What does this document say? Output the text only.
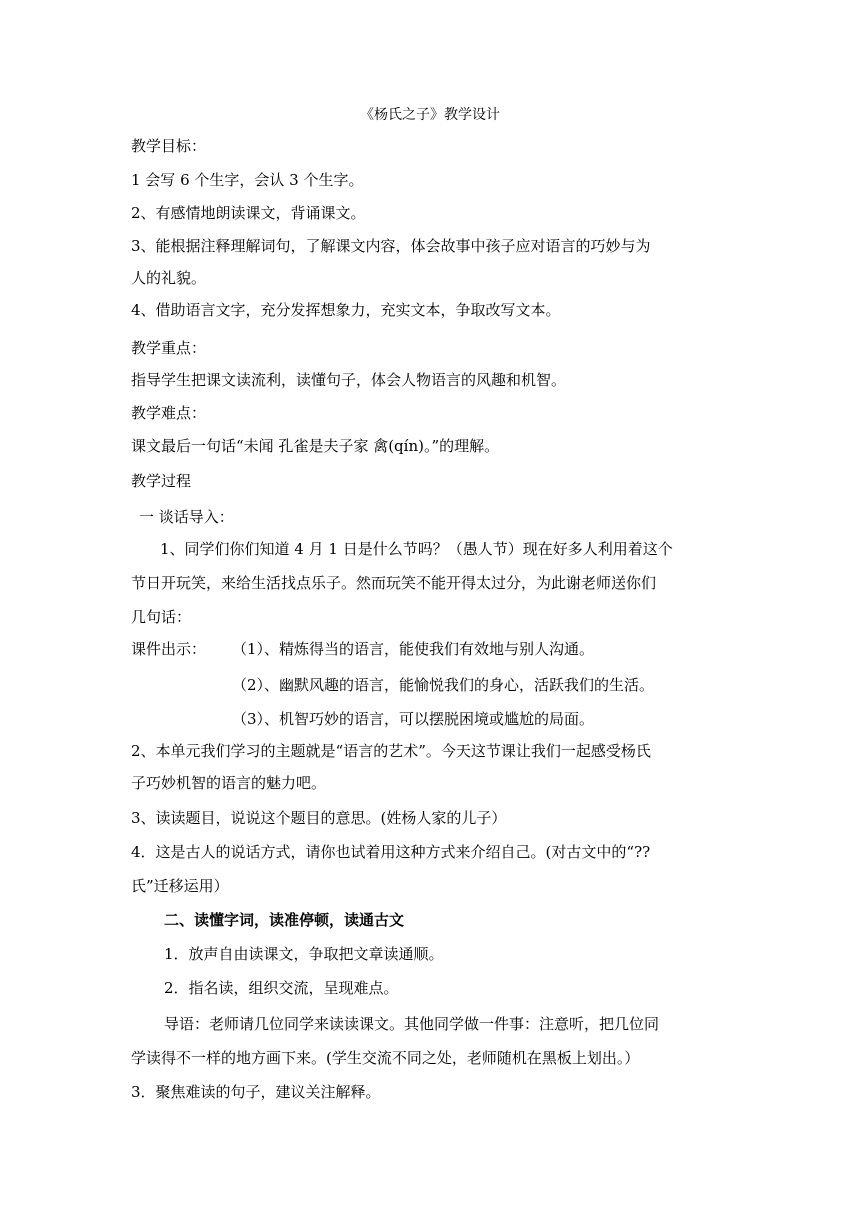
《杨氏之子》教学设计
教学目标：
1 会写 6 个生字，会认 3 个生字。
2、有感情地朗读课文，背诵课文。
3、能根据注释理解词句，了解课文内容，体会故事中孩子应对语言的巧妙与为
人的礼貌。
4、借助语言文字，充分发挥想象力，充实文本，争取改写文本。
教学重点：
指导学生把课文读流利，读懂句子，体会人物语言的风趣和机智。
教学难点：
课文最后一句话“未闻 孔雀是夫子家 禽(qín)。”的理解。
教学过程
一 谈话导入：
1、同学们你们知道 4 月 1 日是什么节吗？（愚人节）现在好多人利用着这个
节日开玩笑，来给生活找点乐子。然而玩笑不能开得太过分，为此谢老师送你们
几句话：
课件出示： （1）、精炼得当的语言，能使我们有效地与别人沟通。
（2）、幽默风趣的语言，能愉悦我们的身心，活跃我们的生活。
（3）、机智巧妙的语言，可以摆脱困境或尴尬的局面。
2、本单元我们学习的主题就是“语言的艺术”。今天这节课让我们一起感受杨氏
子巧妙机智的语言的魅力吧。
3、读读题目，说说这个题目的意思。(姓杨人家的儿子）
4．这是古人的说话方式，请你也试着用这种方式来介绍自己。(对古文中的“??
氏”迁移运用）
二、读懂字词，读准停顿，读通古文
1．放声自由读课文，争取把文章读通顺。
2．指名读，组织交流，呈现难点。
导语：老师请几位同学来读读课文。其他同学做一件事：注意听，把几位同
学读得不一样的地方画下来。(学生交流不同之处，老师随机在黑板上划出。）
3．聚焦难读的句子，建议关注解释。
